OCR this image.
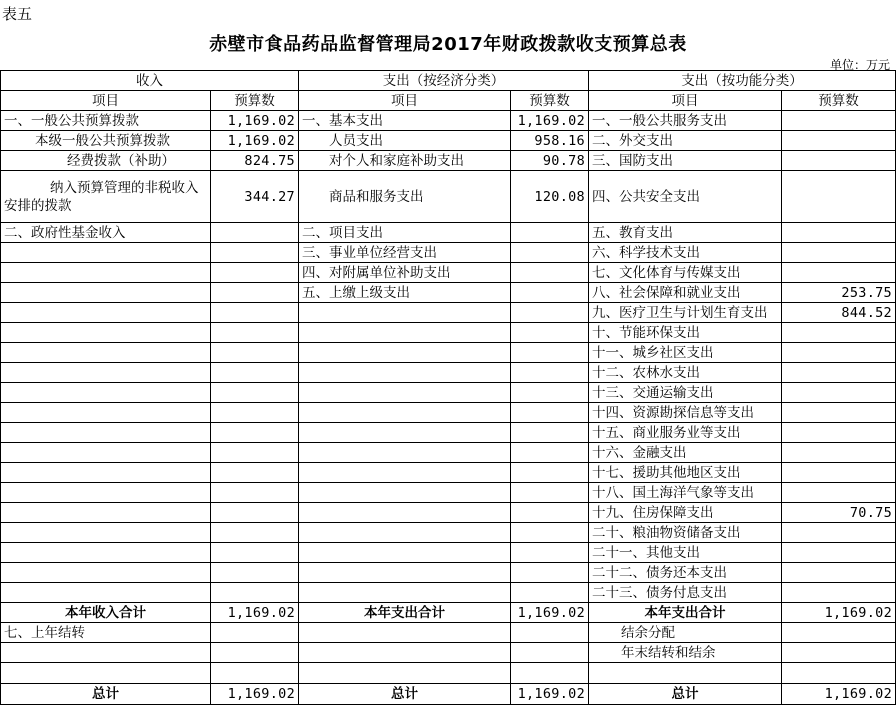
表五
赤壁市食品药品监督管理局2017年财政拨款收支预算总表
单位：万元
收入		支出（按经济分类）		支出（按功能分类）	
项目	预算数	项目	预算数	项目	预算数
一、一般公共预算拨款	1,169.02	一、基本支出	1,169.02	一、一般公共服务支出	
本级一般公共预算拨款	1,169.02	人员支出	958.16	二、外交支出	
经费拨款（补助）	824.75	对个人和家庭补助支出	90.78	三、国防支出	

纳入预算管理的非税收入
安排的拨款	344.27	商品和服务支出	120.08	四、公共安全支出	
二、政府性基金收入		二、项目支出		五、教育支出	
		三、事业单位经营支出		六、科学技术支出	
		四、对附属单位补助支出		七、文化体育与传媒支出	
		五、上缴上级支出		八、社会保障和就业支出	253.75
				九、医疗卫生与计划生育支出	844.52
				十、节能环保支出	
				十一、城乡社区支出	
				十二、农林水支出	
				十三、交通运输支出	
				十四、资源勘探信息等支出	
				十五、商业服务业等支出	
				十六、金融支出	
				十七、援助其他地区支出	
				十八、国土海洋气象等支出	
				十九、住房保障支出	70.75
				二十、粮油物资储备支出	
				二十一、其他支出	
				二十二、债务还本支出	
				二十三、债务付息支出	
本年收入合计	1,169.02	本年支出合计	1,169.02	本年支出合计	1,169.02
七、上年结转				结余分配	
				年末结转和结余	

总计	1,169.02	总计	1,169.02	总计	1,169.02
